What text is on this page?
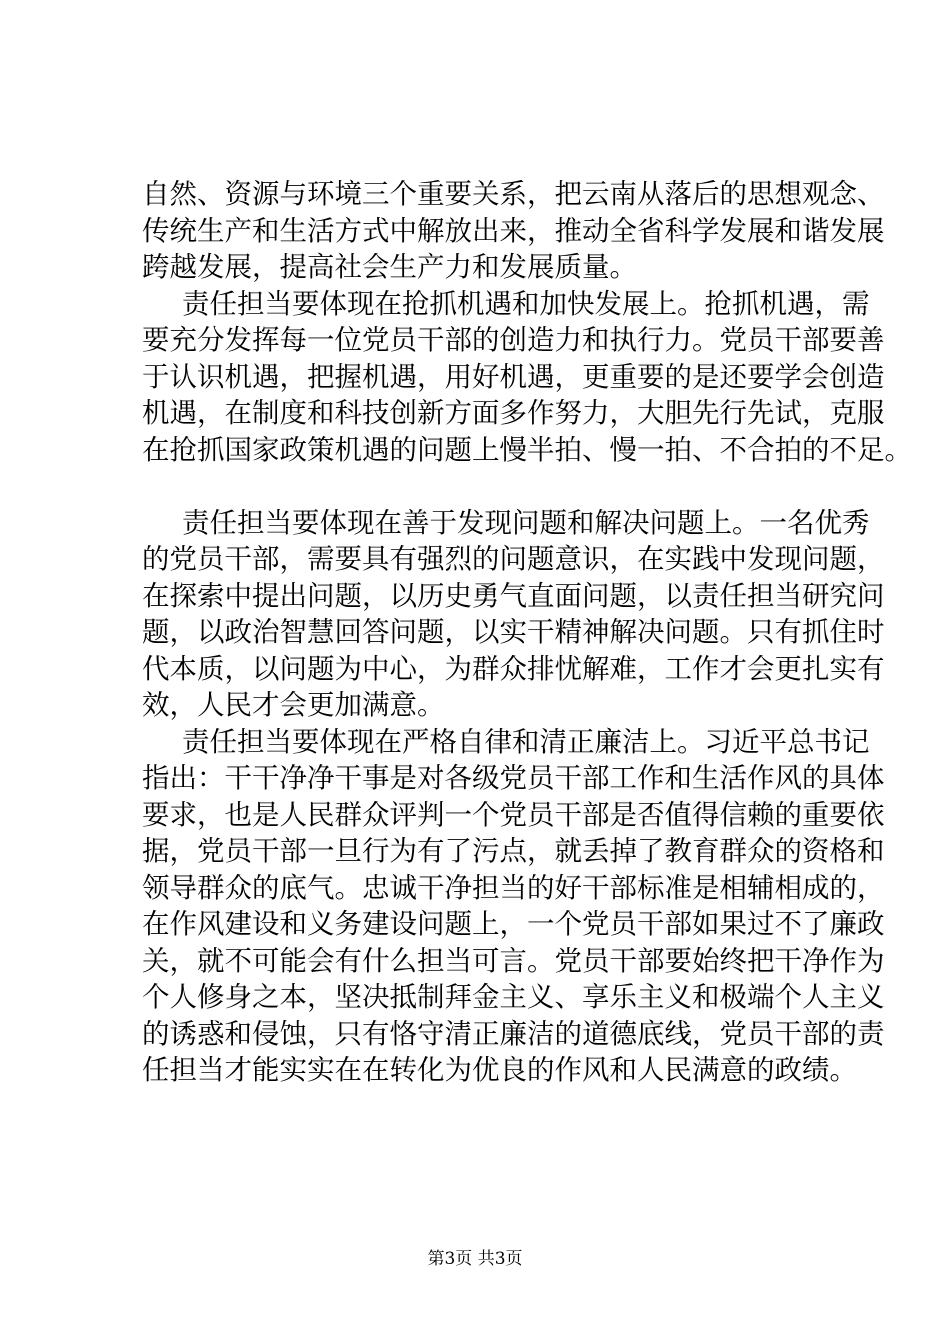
自然、资源与环境三个重要关系，把云南从落后的思想观念、
传统生产和生活方式中解放出来，推动全省科学发展和谐发展
跨越发展，提高社会生产力和发展质量。
责任担当要体现在抢抓机遇和加快发展上。抢抓机遇，需
要充分发挥每一位党员干部的创造力和执行力。党员干部要善
于认识机遇，把握机遇，用好机遇，更重要的是还要学会创造
机遇，在制度和科技创新方面多作努力，大胆先行先试，克服
在抢抓国家政策机遇的问题上慢半拍、慢一拍、不合拍的不足。
责任担当要体现在善于发现问题和解决问题上。一名优秀
的党员干部，需要具有强烈的问题意识，在实践中发现问题，
在探索中提出问题，以历史勇气直面问题，以责任担当研究问
题，以政治智慧回答问题，以实干精神解决问题。只有抓住时
代本质，以问题为中心，为群众排忧解难，工作才会更扎实有
效，人民才会更加满意。
责任担当要体现在严格自律和清正廉洁上。习近平总书记
指出：干干净净干事是对各级党员干部工作和生活作风的具体
要求，也是人民群众评判一个党员干部是否值得信赖的重要依
据，党员干部一旦行为有了污点，就丢掉了教育群众的资格和
领导群众的底气。忠诚干净担当的好干部标准是相辅相成的，
在作风建设和义务建设问题上，一个党员干部如果过不了廉政
关，就不可能会有什么担当可言。党员干部要始终把干净作为
个人修身之本，坚决抵制拜金主义、享乐主义和极端个人主义
的诱惑和侵蚀，只有恪守清正廉洁的道德底线，党员干部的责
任担当才能实实在在转化为优良的作风和人民满意的政绩。
第3页 共3页
